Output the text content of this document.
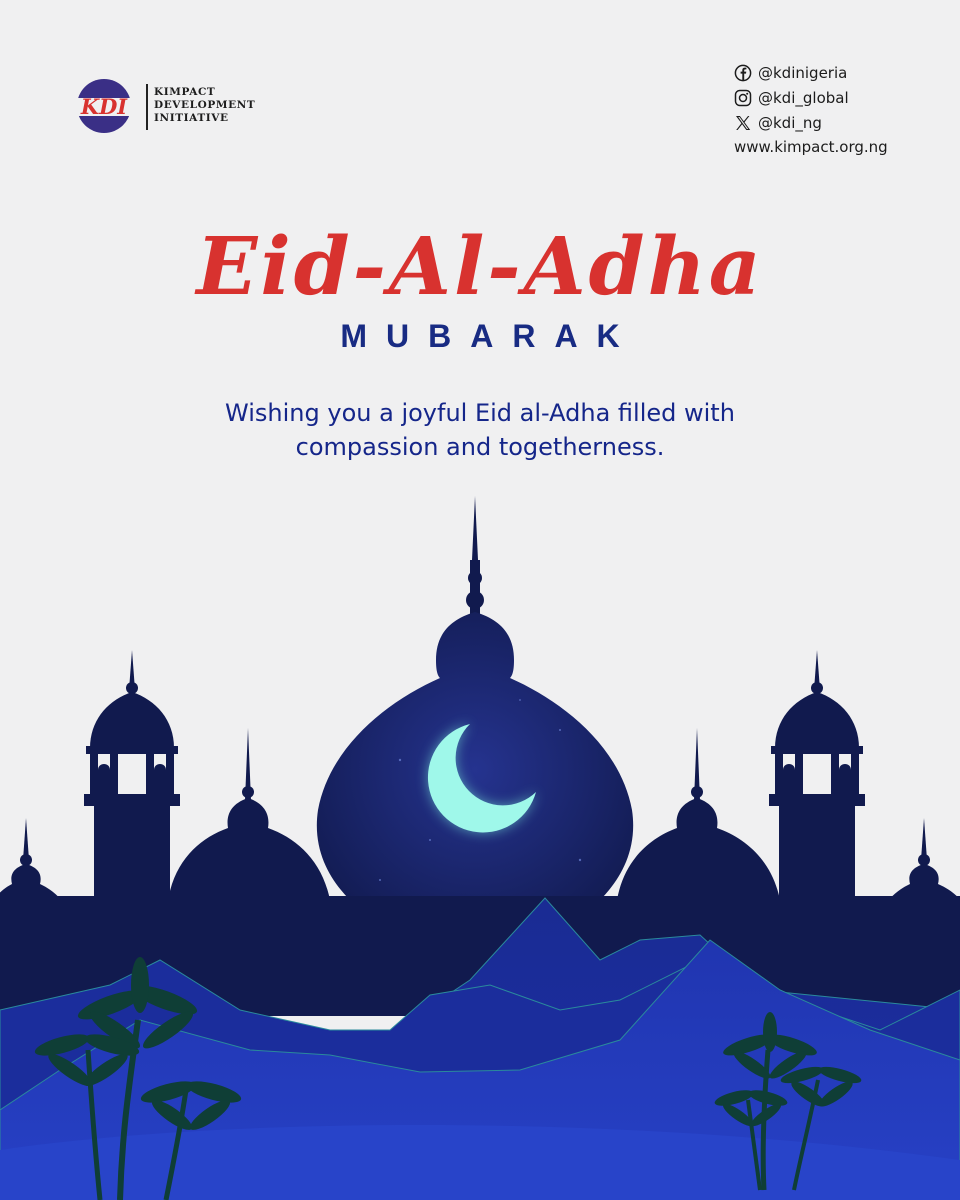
KDI
KIMPACT
DEVELOPMENT
INITIATIVE
@kdinigeria
@kdi_global
@kdi_ng
www.kimpact.org.ng
Eid-Al-Adha
MUBARAK
Wishing you a joyful Eid al-Adha filled with compassion and togetherness.
